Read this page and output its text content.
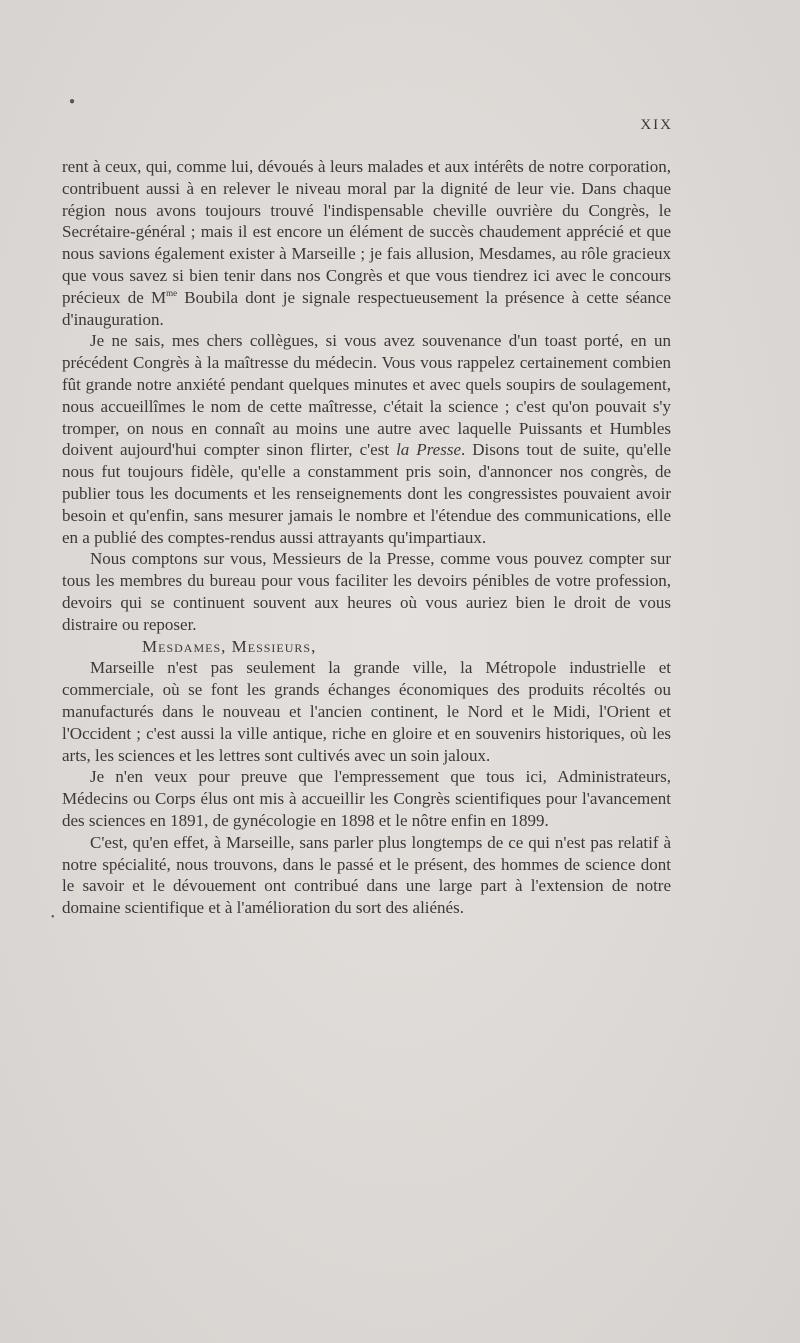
●
•
XIX

rent à ceux, qui, comme lui, dévoués à leurs malades et aux intérêts de notre corporation, contribuent aussi à en relever le niveau moral par la dignité de leur vie. Dans chaque région nous avons toujours trouvé l'indispensable cheville ouvrière du Congrès, le Secrétaire-général ; mais il est encore un élément de succès chaudement apprécié et que nous savions également exister à Marseille ; je fais allusion, Mesdames, au rôle gracieux que vous savez si bien tenir dans nos Congrès et que vous tiendrez ici avec le concours précieux de $M^{me}$ Boubila dont je signale respectueusement la présence à cette séance d'inauguration.

Je ne sais, mes chers collègues, si vous avez souvenance d'un toast porté, en un précédent Congrès à la maîtresse du médecin. Vous vous rappelez certainement combien fût grande notre anxiété pendant quelques minutes et avec quels soupirs de soulagement, nous accueillîmes le nom de cette maîtresse, c'était la science ; c'est qu'on pouvait s'y tromper, on nous en connaît au moins une autre avec laquelle Puissants et Humbles doivent aujourd'hui compter sinon flirter, c'est la Presse. Disons tout de suite, qu'elle nous fut toujours fidèle, qu'elle a constamment pris soin, d'annoncer nos congrès, de publier tous les documents et les renseignements dont les congressistes pouvaient avoir besoin et qu'enfin, sans mesurer jamais le nombre et l'étendue des communications, elle en a publié des comptes-rendus aussi attrayants qu'impartiaux.

Nous comptons sur vous, Messieurs de la Presse, comme vous pouvez compter sur tous les membres du bureau pour vous faciliter les devoirs pénibles de votre profession, devoirs qui se continuent souvent aux heures où vous auriez bien le droit de vous distraire ou reposer.

Mesdames, Messieurs,

Marseille n'est pas seulement la grande ville, la Métropole industrielle et commerciale, où se font les grands échanges économiques des produits récoltés ou manufacturés dans le nouveau et l'ancien continent, le Nord et le Midi, l'Orient et l'Occident ; c'est aussi la ville antique, riche en gloire et en souvenirs historiques, où les arts, les sciences et les lettres sont cultivés avec un soin jaloux.

Je n'en veux pour preuve que l'empressement que tous ici, Administrateurs, Médecins ou Corps élus ont mis à accueillir les Congrès scientifiques pour l'avancement des sciences en 1891, de gynécologie en 1898 et le nôtre enfin en 1899.

C'est, qu'en effet, à Marseille, sans parler plus longtemps de ce qui n'est pas relatif à notre spécialité, nous trouvons, dans le passé et le présent, des hommes de science dont le savoir et le dévouement ont contribué dans une large part à l'extension de notre domaine scientifique et à l'amélioration du sort des aliénés.
